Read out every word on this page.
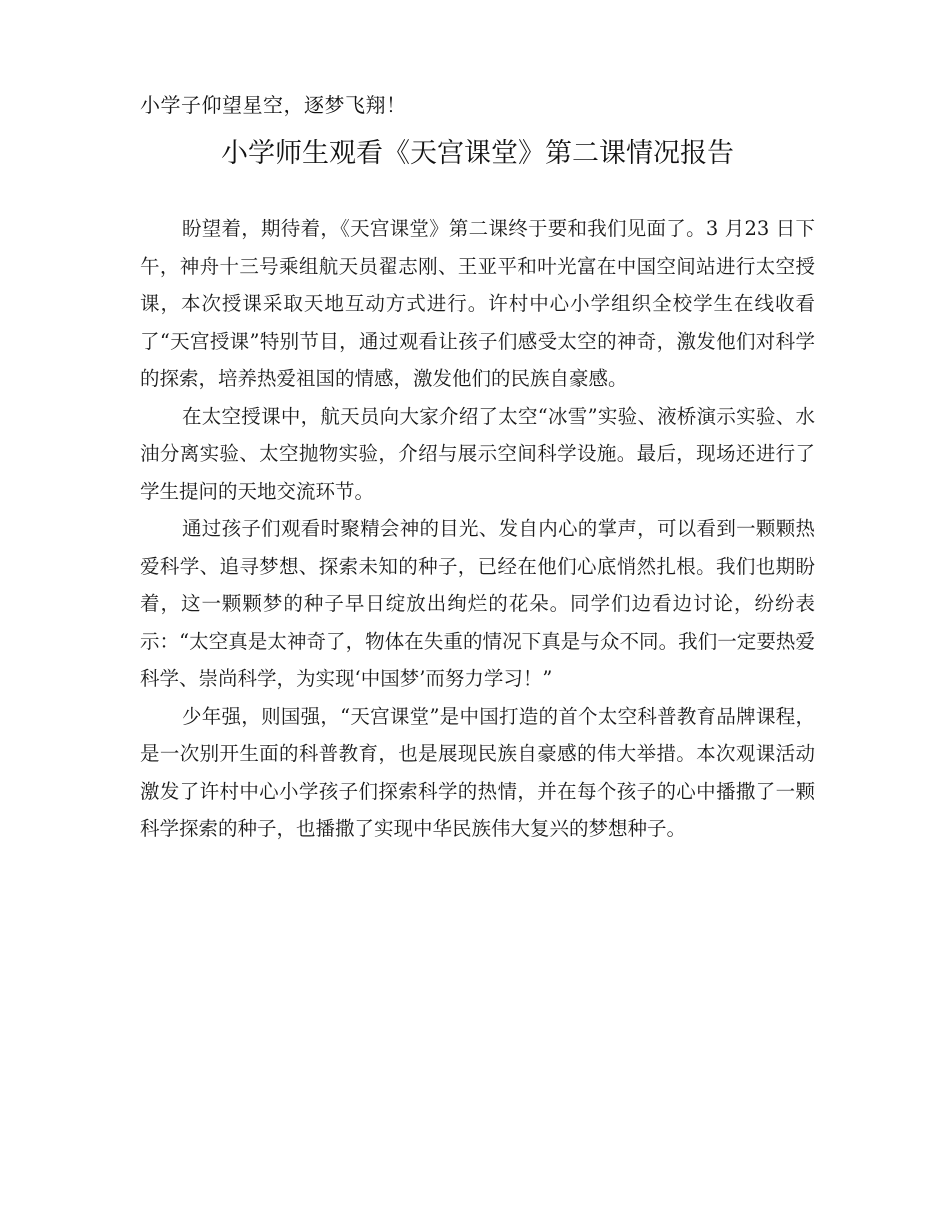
小学子仰望星空，逐梦飞翔！
小学师生观看《天宫课堂》第二课情况报告

盼望着，期待着，《天宫课堂》第二课终于要和我们见面了。3 月23 日下午，神舟十三号乘组航天员翟志刚、王亚平和叶光富在中国空间站进行太空授课，本次授课采取天地互动方式进行。许村中心小学组织全校学生在线收看了“天宫授课”特别节目，通过观看让孩子们感受太空的神奇，激发他们对科学的探索，培养热爱祖国的情感，激发他们的民族自豪感。

在太空授课中，航天员向大家介绍了太空“冰雪”实验、液桥演示实验、水油分离实验、太空抛物实验，介绍与展示空间科学设施。最后，现场还进行了学生提问的天地交流环节。

通过孩子们观看时聚精会神的目光、发自内心的掌声，可以看到一颗颗热爱科学、追寻梦想、探索未知的种子，已经在他们心底悄然扎根。我们也期盼着，这一颗颗梦的种子早日绽放出绚烂的花朵。同学们边看边讨论，纷纷表示：“太空真是太神奇了，物体在失重的情况下真是与众不同。我们一定要热爱科学、崇尚科学，为实现‘中国梦’而努力学习！”

少年强，则国强，“天宫课堂”是中国打造的首个太空科普教育品牌课程，是一次别开生面的科普教育，也是展现民族自豪感的伟大举措。本次观课活动激发了许村中心小学孩子们探索科学的热情，并在每个孩子的心中播撒了一颗科学探索的种子，也播撒了实现中华民族伟大复兴的梦想种子。
